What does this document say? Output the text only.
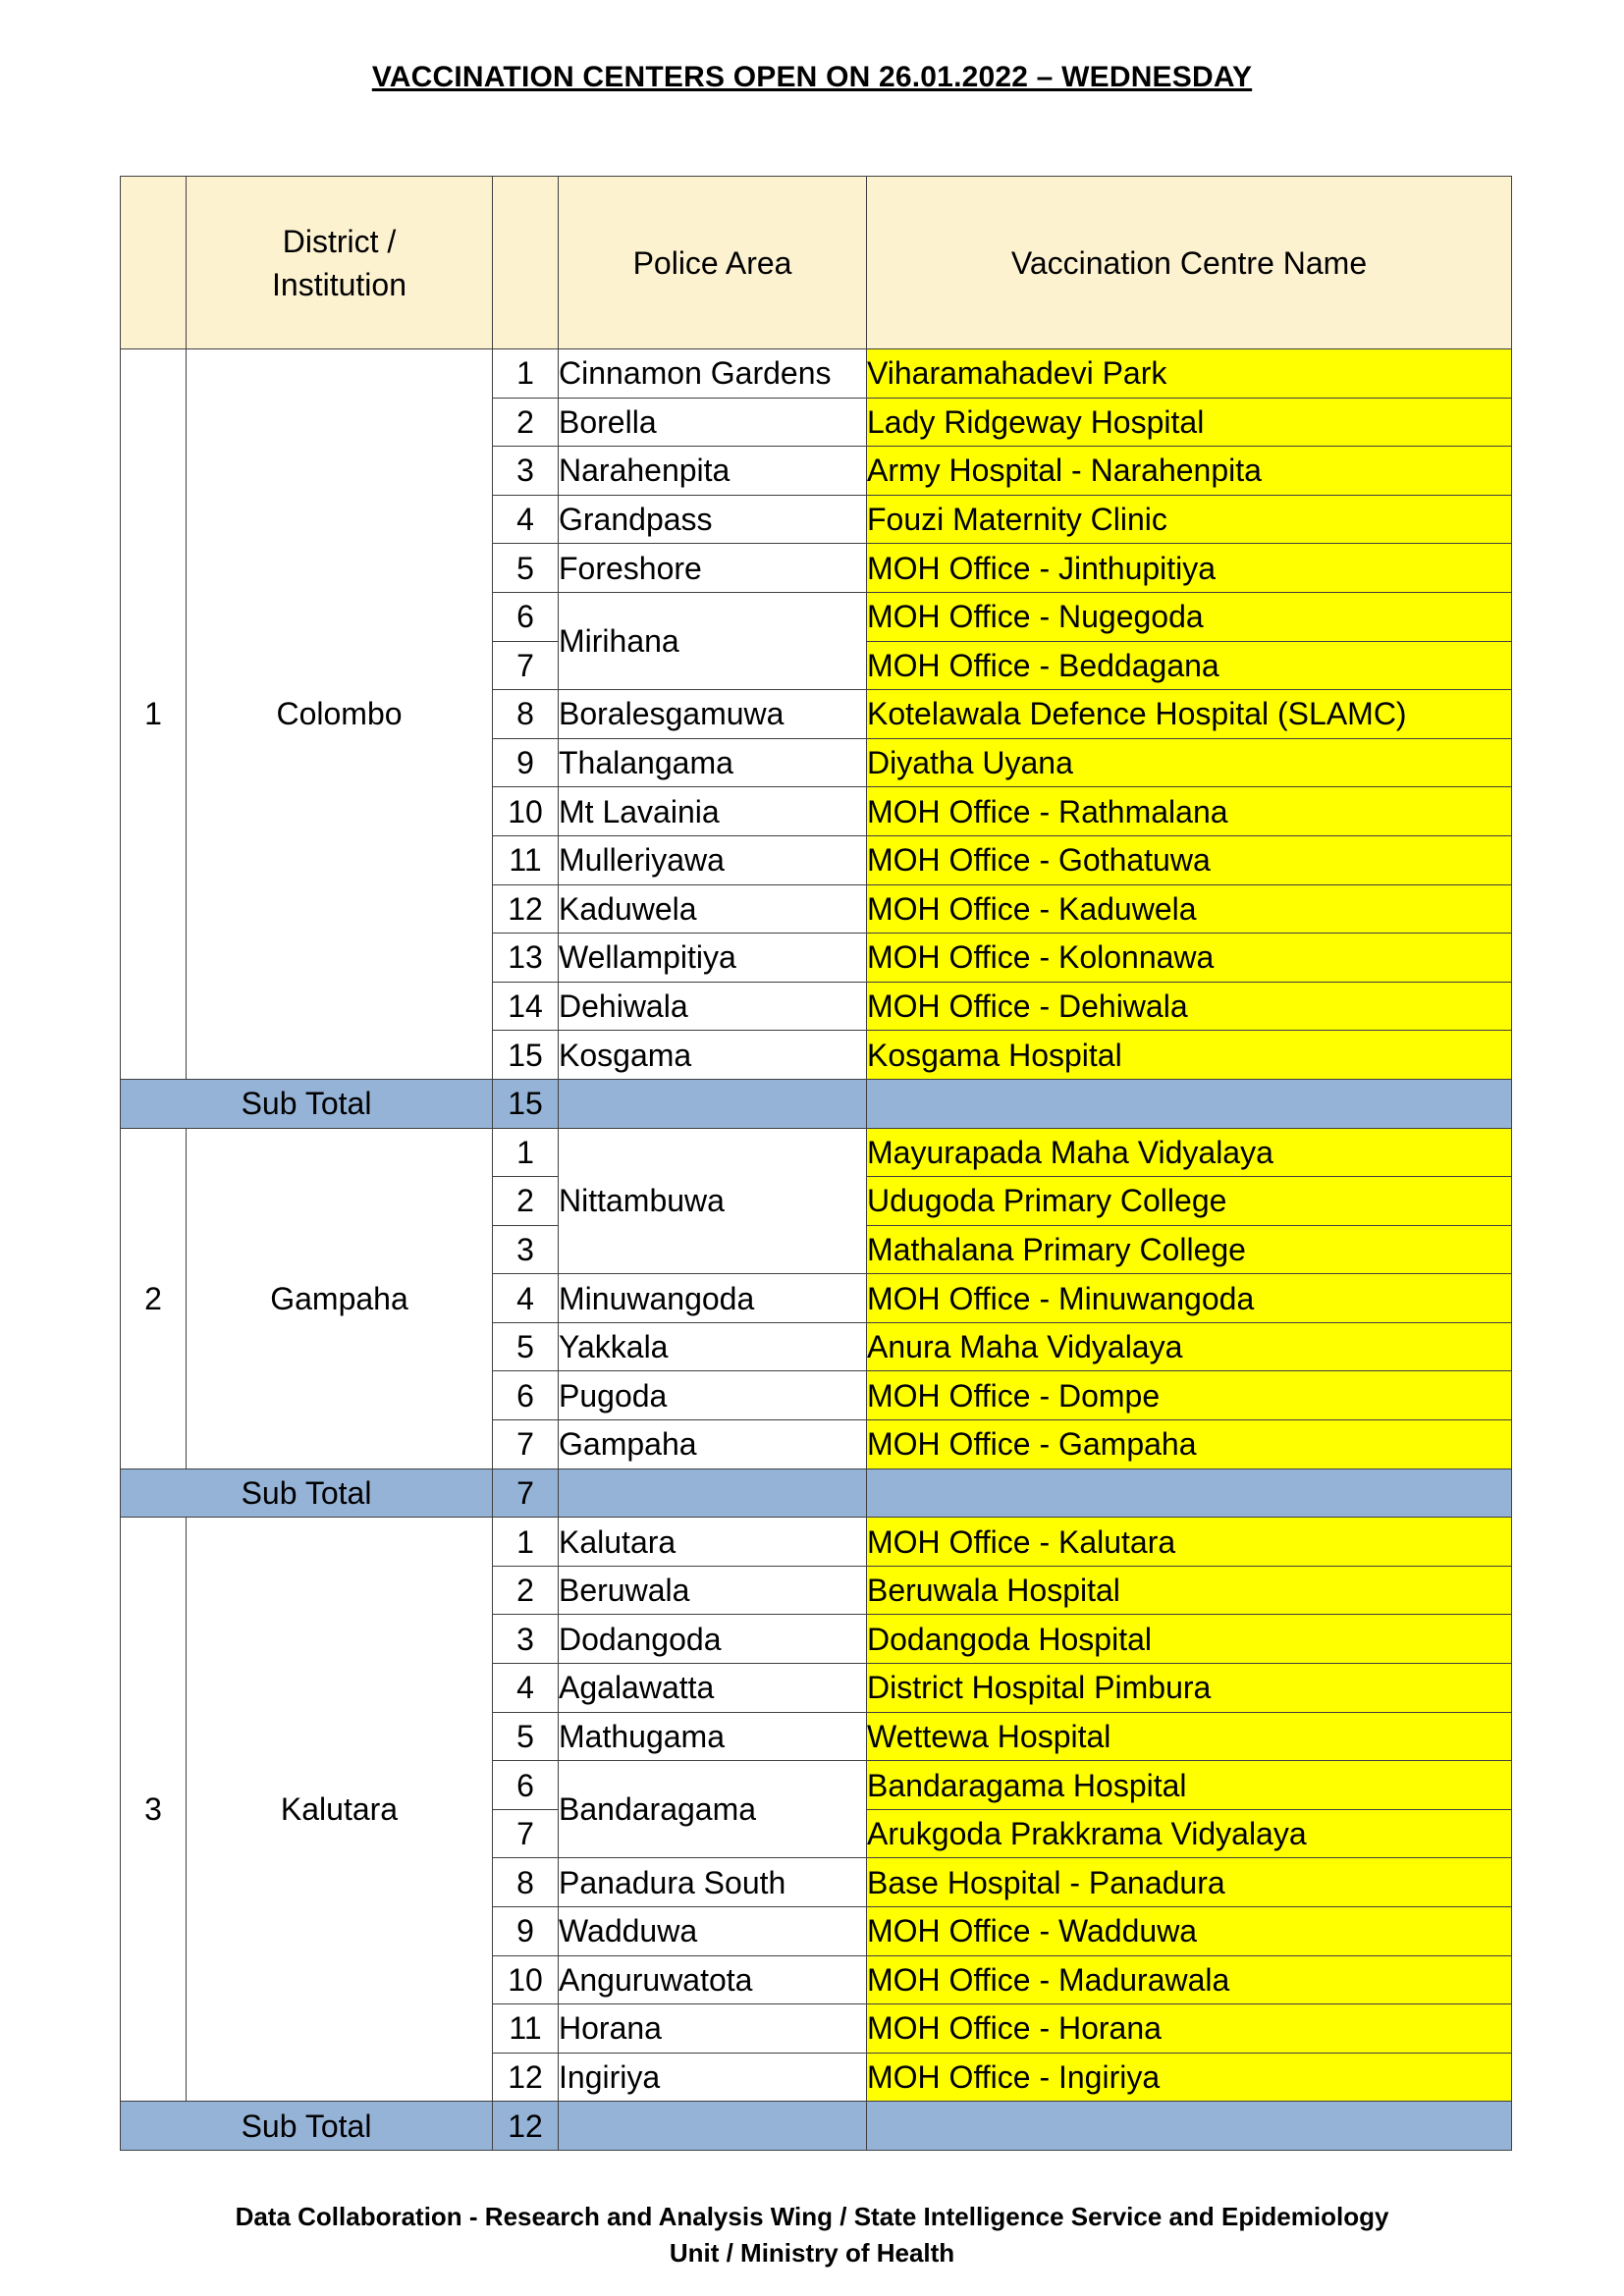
VACCINATION CENTERS OPEN ON 26.01.2022 – WEDNESDAY
	District / Institution		Police Area	Vaccination Centre Name
1	Colombo	1	Cinnamon Gardens	Viharamahadevi Park
		2	Borella	Lady Ridgeway Hospital
		3	Narahenpita	Army Hospital - Narahenpita
		4	Grandpass	Fouzi Maternity Clinic
		5	Foreshore	MOH Office - Jinthupitiya
		6	Mirihana	MOH Office - Nugegoda
		7		MOH Office - Beddagana
		8	Boralesgamuwa	Kotelawala Defence Hospital (SLAMC)
		9	Thalangama	Diyatha Uyana
		10	Mt Lavainia	MOH Office - Rathmalana
		11	Mulleriyawa	MOH Office - Gothatuwa
		12	Kaduwela	MOH Office - Kaduwela
		13	Wellampitiya	MOH Office - Kolonnawa
		14	Dehiwala	MOH Office - Dehiwala
		15	Kosgama	Kosgama Hospital
Sub Total		15		
2	Gampaha	1	Nittambuwa	Mayurapada Maha Vidyalaya
		2		Udugoda Primary College
		3		Mathalana Primary College
		4	Minuwangoda	MOH Office - Minuwangoda
		5	Yakkala	Anura Maha Vidyalaya
		6	Pugoda	MOH Office - Dompe
		7	Gampaha	MOH Office - Gampaha
Sub Total		7		
3	Kalutara	1	Kalutara	MOH Office - Kalutara
		2	Beruwala	Beruwala Hospital
		3	Dodangoda	Dodangoda Hospital
		4	Agalawatta	District Hospital Pimbura
		5	Mathugama	Wettewa Hospital
		6	Bandaragama	Bandaragama Hospital
		7		Arukgoda Prakkrama Vidyalaya
		8	Panadura South	Base Hospital - Panadura
		9	Wadduwa	MOH Office - Wadduwa
		10	Anguruwatota	MOH Office - Madurawala
		11	Horana	MOH Office - Horana
		12	Ingiriya	MOH Office - Ingiriya
Sub Total		12		
Data Collaboration - Research and Analysis Wing / State Intelligence Service and Epidemiology
Unit / Ministry of Health
